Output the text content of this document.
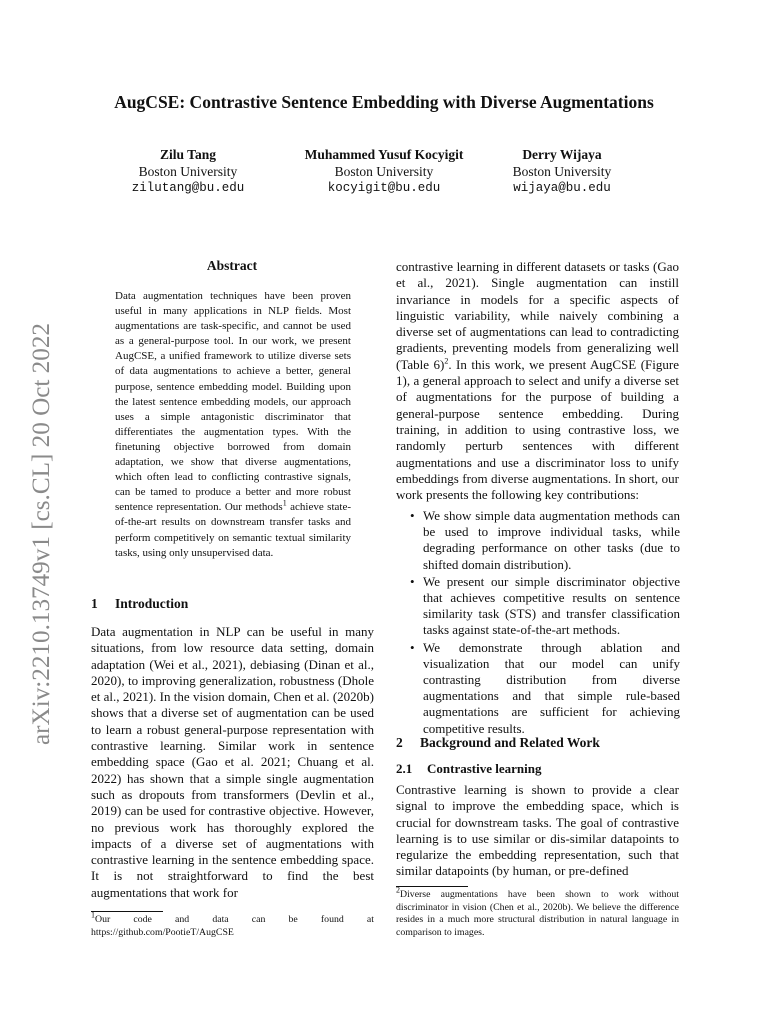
arXiv:2210.13749v1 [cs.CL] 20 Oct 2022
AugCSE: Contrastive Sentence Embedding with Diverse Augmentations
Zilu Tang
Boston University
zilutang@bu.edu
Muhammed Yusuf Kocyigit
Boston University
kocyigit@bu.edu
Derry Wijaya
Boston University
wijaya@bu.edu
Abstract

Data augmentation techniques have been proven useful in many applications in NLP fields. Most augmentations are task-specific, and cannot be used as a general-purpose tool. In our work, we present AugCSE, a unified framework to utilize diverse sets of data augmentations to achieve a better, general purpose, sentence embedding model. Building upon the latest sentence embedding models, our approach uses a simple antagonistic discriminator that differentiates the augmentation types. With the finetuning objective borrowed from domain adaptation, we show that diverse augmentations, which often lead to conflicting contrastive signals, can be tamed to produce a better and more robust sentence representation. Our methods$^1$ achieve state-of-the-art results on downstream transfer tasks and perform competitively on semantic textual similarity tasks, using only unsupervised data.

1 Introduction

Data augmentation in NLP can be useful in many situations, from low resource data setting, domain adaptation (Wei et al., 2021), debiasing (Dinan et al., 2020), to improving generalization, robustness (Dhole et al., 2021). In the vision domain, Chen et al. (2020b) shows that a diverse set of augmentation can be used to learn a robust general-purpose representation with contrastive learning. Similar work in sentence embedding space (Gao et al. 2021; Chuang et al. 2022) has shown that a simple single augmentation such as dropouts from transformers (Devlin et al., 2019) can be used for contrastive objective. However, no previous work has thoroughly explored the impacts of a diverse set of augmentations with contrastive learning in the sentence embedding space. It is not straightforward to find the best augmentations that work for

$^1$Our code and data can be found at https://github.com/PootieT/AugCSE

contrastive learning in different datasets or tasks (Gao et al., 2021). Single augmentation can instill invariance in models for a specific aspects of linguistic variability, while naively combining a diverse set of augmentations can lead to contradicting gradients, preventing models from generalizing well (Table 6)$^2$. In this work, we present AugCSE (Figure 1), a general approach to select and unify a diverse set of augmentations for the purpose of building a general-purpose sentence embedding. During training, in addition to using contrastive loss, we randomly perturb sentences with different augmentations and use a discriminator loss to unify embeddings from diverse augmentations. In short, our work presents the following key contributions:

• We show simple data augmentation methods can be used to improve individual tasks, while degrading performance on other tasks (due to shifted domain distribution).
• We present our simple discriminator objective that achieves competitive results on sentence similarity task (STS) and transfer classification tasks against state-of-the-art methods.
• We demonstrate through ablation and visualization that our model can unify contrasting distribution from diverse augmentations and that simple rule-based augmentations are sufficient for achieving competitive results.
2 Background and Related Work
2.1 Contrastive learning

Contrastive learning is shown to provide a clear signal to improve the embedding space, which is crucial for downstream tasks. The goal of contrastive learning is to use similar or dis-similar datapoints to regularize the embedding representation, such that similar datapoints (by human, or pre-defined

$^2$Diverse augmentations have been shown to work without discriminator in vision (Chen et al., 2020b). We believe the difference resides in a much more structural distribution in natural language in comparison to images.
